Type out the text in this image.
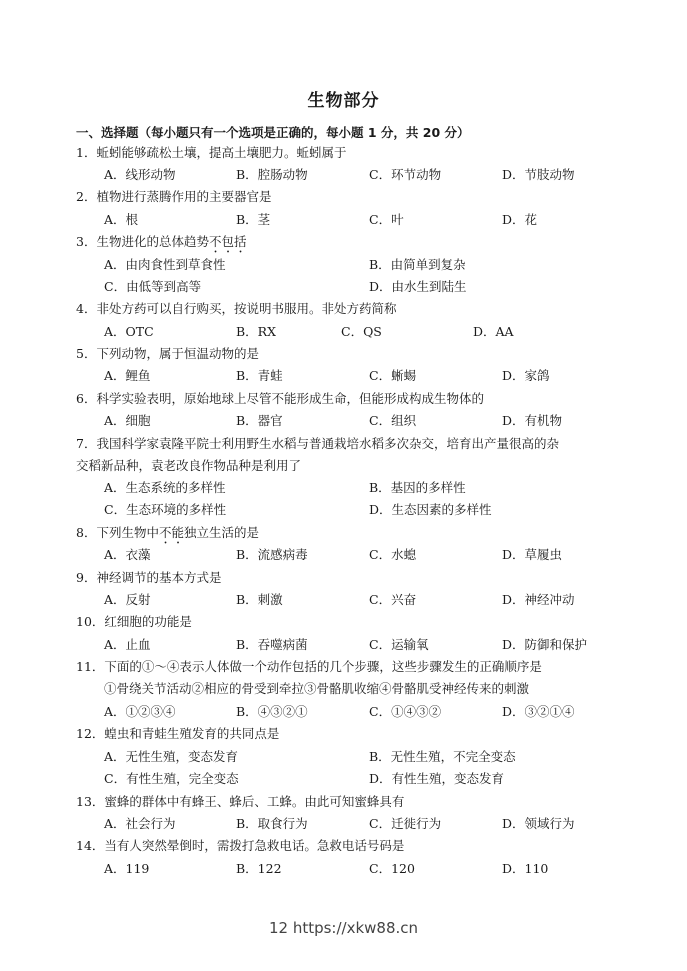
生物部分
一、选择题（每小题只有一个选项是正确的，每小题 1 分，共 20 分）
1．蚯蚓能够疏松土壤，提高土壤肥力。蚯蚓属于
A．线形动物	B．腔肠动物	C．环节动物	D．节肢动物
2．植物进行蒸腾作用的主要器官是
A．根	B．茎	C．叶	D．花
3．生物进化的总体趋势不包括
A．由肉食性到草食性	B．由简单到复杂
C．由低等到高等	D．由水生到陆生
4．非处方药可以自行购买，按说明书服用。非处方药简称
A．OTC	B．RX	C．QS	D．AA
5．下列动物，属于恒温动物的是
A．鲤鱼	B．青蛙	C．蜥蜴	D．家鸽
6．科学实验表明，原始地球上尽管不能形成生命，但能形成构成生物体的
A．细胞	B．器官	C．组织	D．有机物
7．我国科学家袁隆平院士利用野生水稻与普通栽培水稻多次杂交，培育出产量很高的杂
交稻新品种，袁老改良作物品种是利用了
A．生态系统的多样性	B．基因的多样性
C．生态环境的多样性	D．生态因素的多样性
8．下列生物中不能独立生活的是
A．衣藻	B．流感病毒	C．水螅	D．草履虫
9．神经调节的基本方式是
A．反射	B．刺激	C．兴奋	D．神经冲动
10．红细胞的功能是
A．止血	B．吞噬病菌	C．运输氧	D．防御和保护
11．下面的①～④表示人体做一个动作包括的几个步骤，这些步骤发生的正确顺序是
①骨绕关节活动②相应的骨受到牵拉③骨骼肌收缩④骨骼肌受神经传来的刺激
A．①②③④	B．④③②①	C．①④③②	D．③②①④
12．蝗虫和青蛙生殖发育的共同点是
A．无性生殖，变态发育	B．无性生殖，不完全变态
C．有性生殖，完全变态	D．有性生殖，变态发育
13．蜜蜂的群体中有蜂王、蜂后、工蜂。由此可知蜜蜂具有
A．社会行为	B．取食行为	C．迁徙行为	D．领域行为
14．当有人突然晕倒时，需拨打急救电话。急救电话号码是
A．119	B．122	C．120	D．110
12 https://xkw88.cn
